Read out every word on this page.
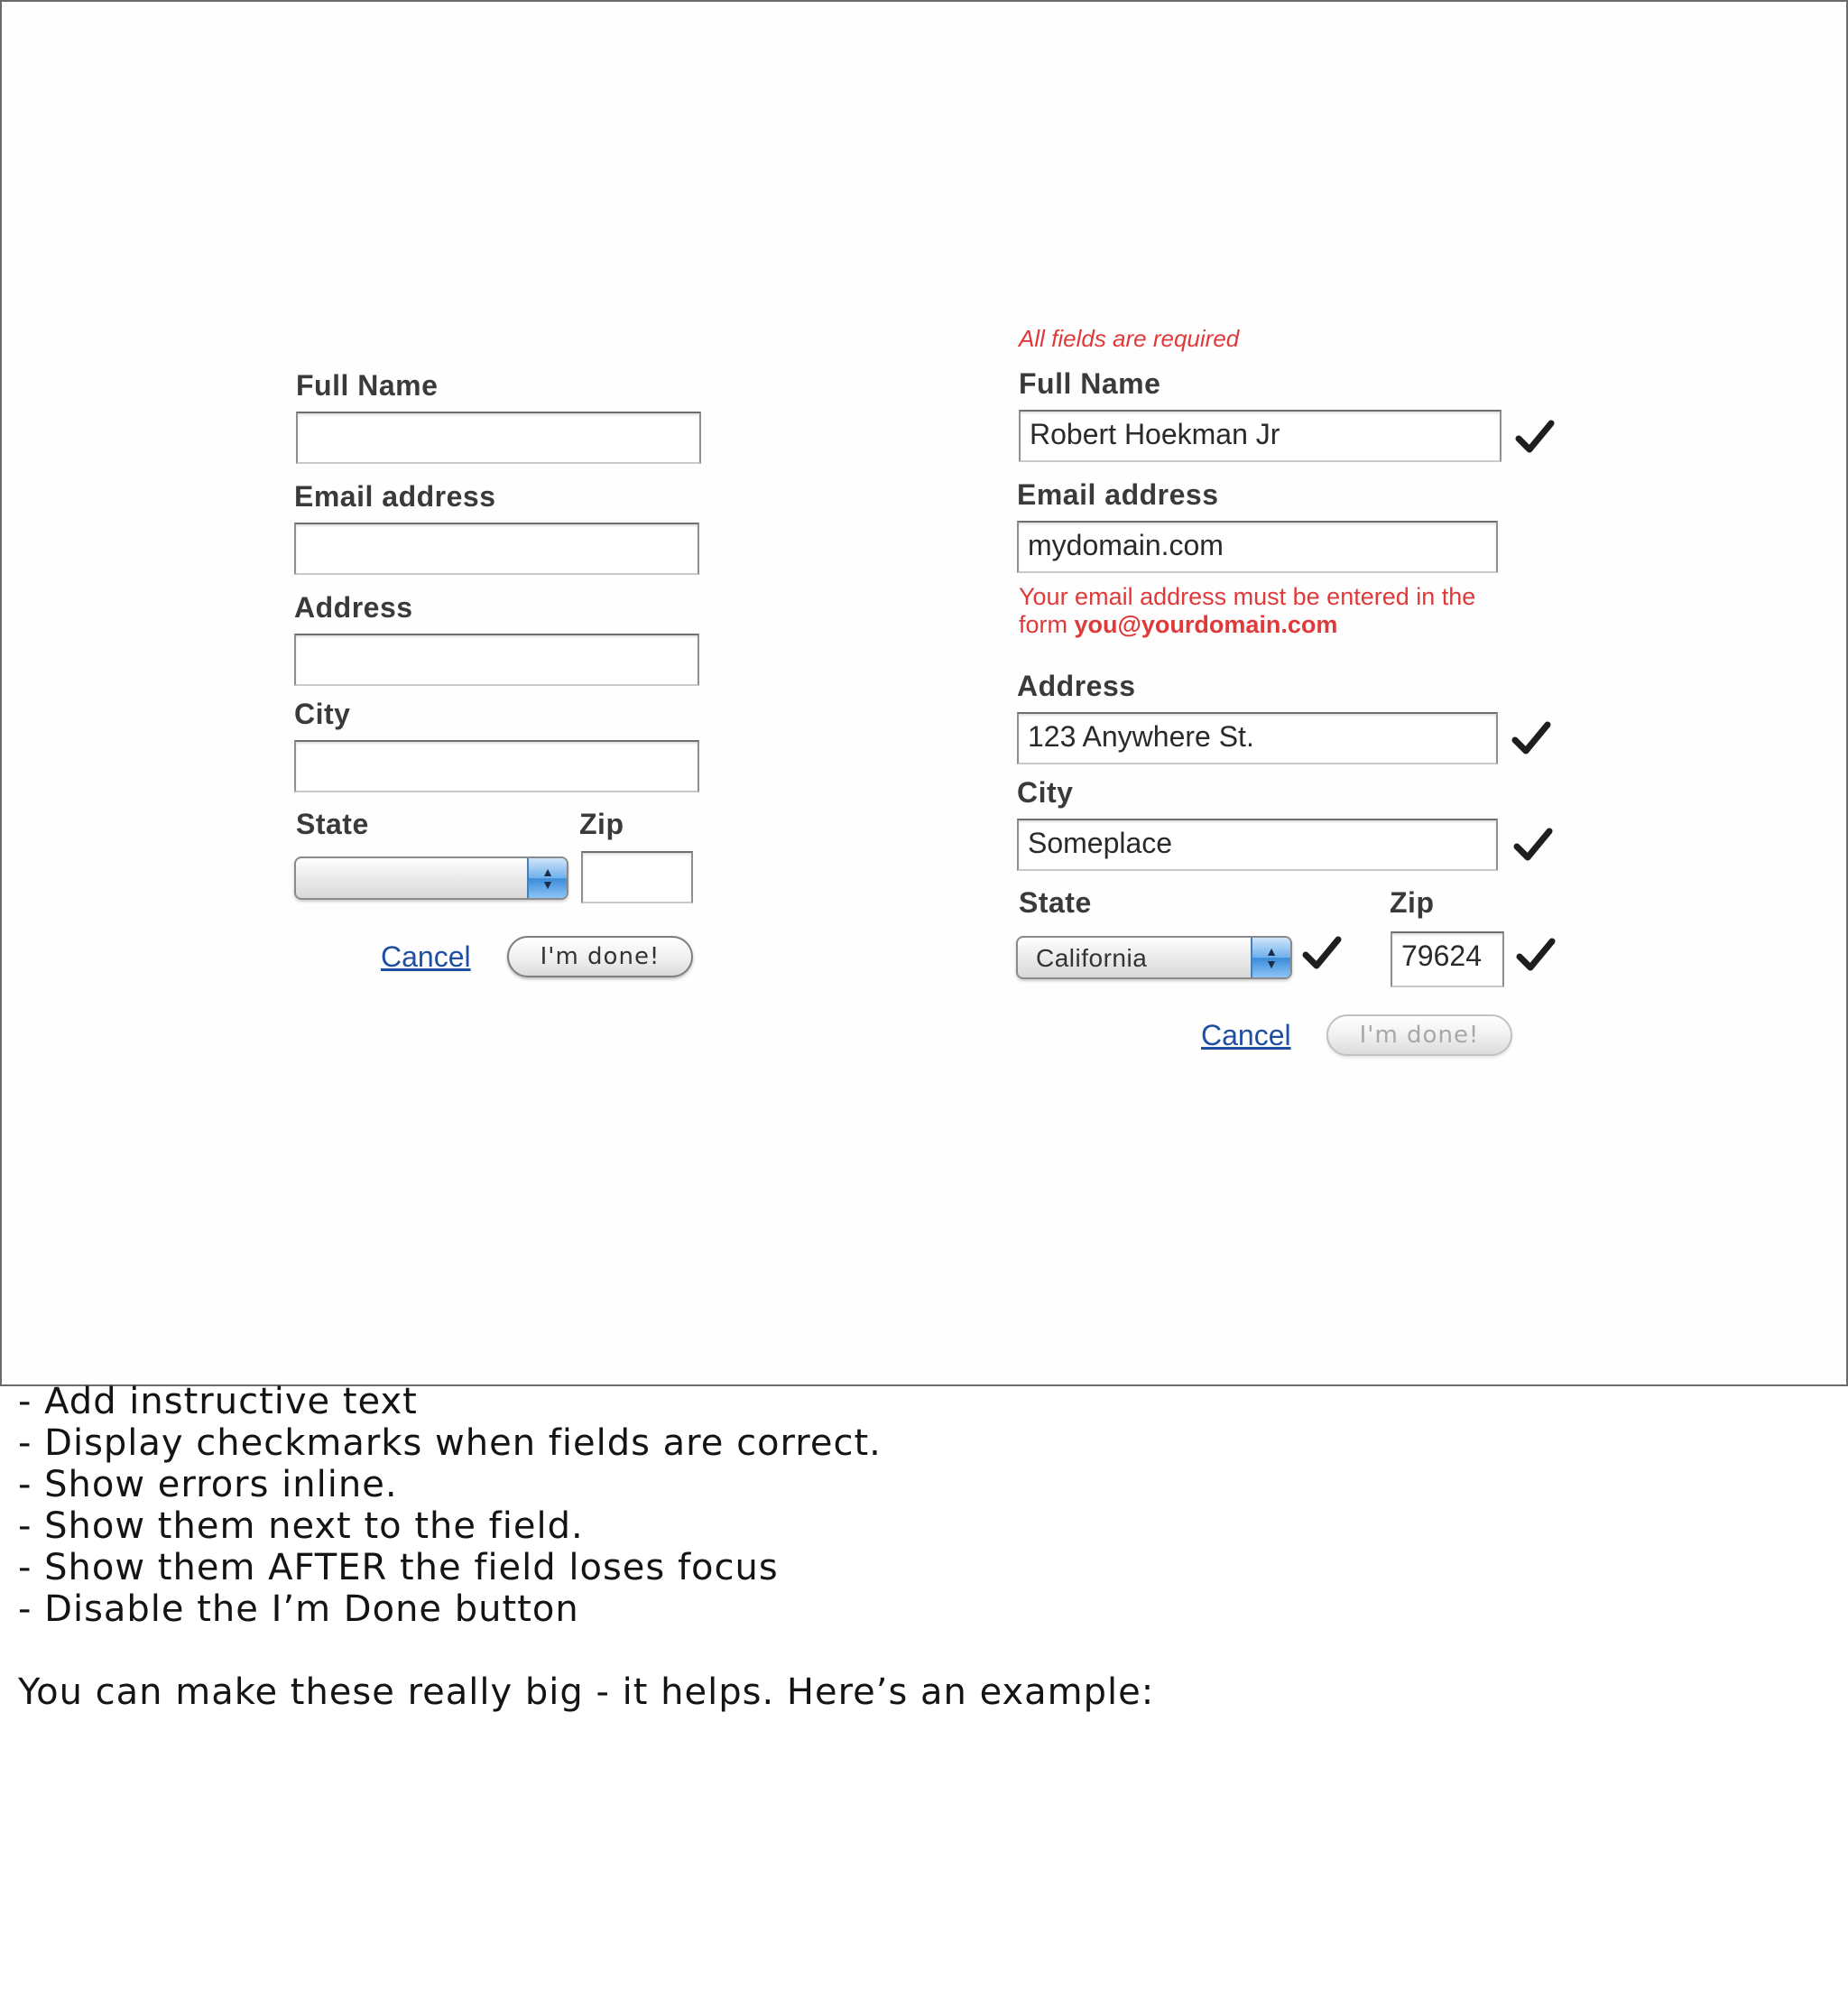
Full Name
Email address
Address
City
State	Zip
▲
▼
Cancel	I'm done!
All fields are required
Full Name
Robert Hoekman Jr
Email address
mydomain.com
Your email address must be entered in the
form you@yourdomain.com
Address
123 Anywhere St.
City
Someplace
State	Zip
California	▲
▼	79624
Cancel	I'm done!
- Add instructive text
- Display checkmarks when fields are correct.
- Show errors inline.
- Show them next to the field.
- Show them AFTER the field loses focus
- Disable the I’m Done button
You can make these really big - it helps. Here’s an example:
